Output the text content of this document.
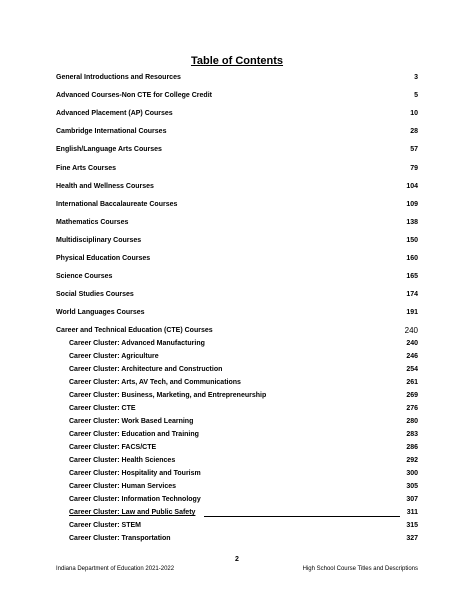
Table of Contents
General Introductions and Resources	3
Advanced Courses-Non CTE for College Credit	5
Advanced Placement (AP) Courses	10
Cambridge International Courses	28
English/Language Arts Courses	57
Fine Arts Courses	79
Health and Wellness Courses	104
International Baccalaureate Courses	109
Mathematics Courses	138
Multidisciplinary Courses	150
Physical Education Courses	160
Science Courses	165
Social Studies Courses	174
World Languages Courses	191
Career and Technical Education (CTE) Courses	240
Career Cluster: Advanced Manufacturing	240
Career Cluster: Agriculture	246
Career Cluster: Architecture and Construction	254
Career Cluster: Arts, AV Tech, and Communications	261
Career Cluster: Business, Marketing, and Entrepreneurship	269
Career Cluster: CTE	276
Career Cluster: Work Based Learning	280
Career Cluster: Education and Training	283
Career Cluster: FACS/CTE	286
Career Cluster: Health Sciences	292
Career Cluster: Hospitality and Tourism	300
Career Cluster: Human Services	305
Career Cluster: Information Technology	307
Career Cluster: Law and Public Safety	311
Career Cluster: STEM	315
Career Cluster: Transportation	327
2
Indiana Department of Education 2021-2022	High School Course Titles and Descriptions
